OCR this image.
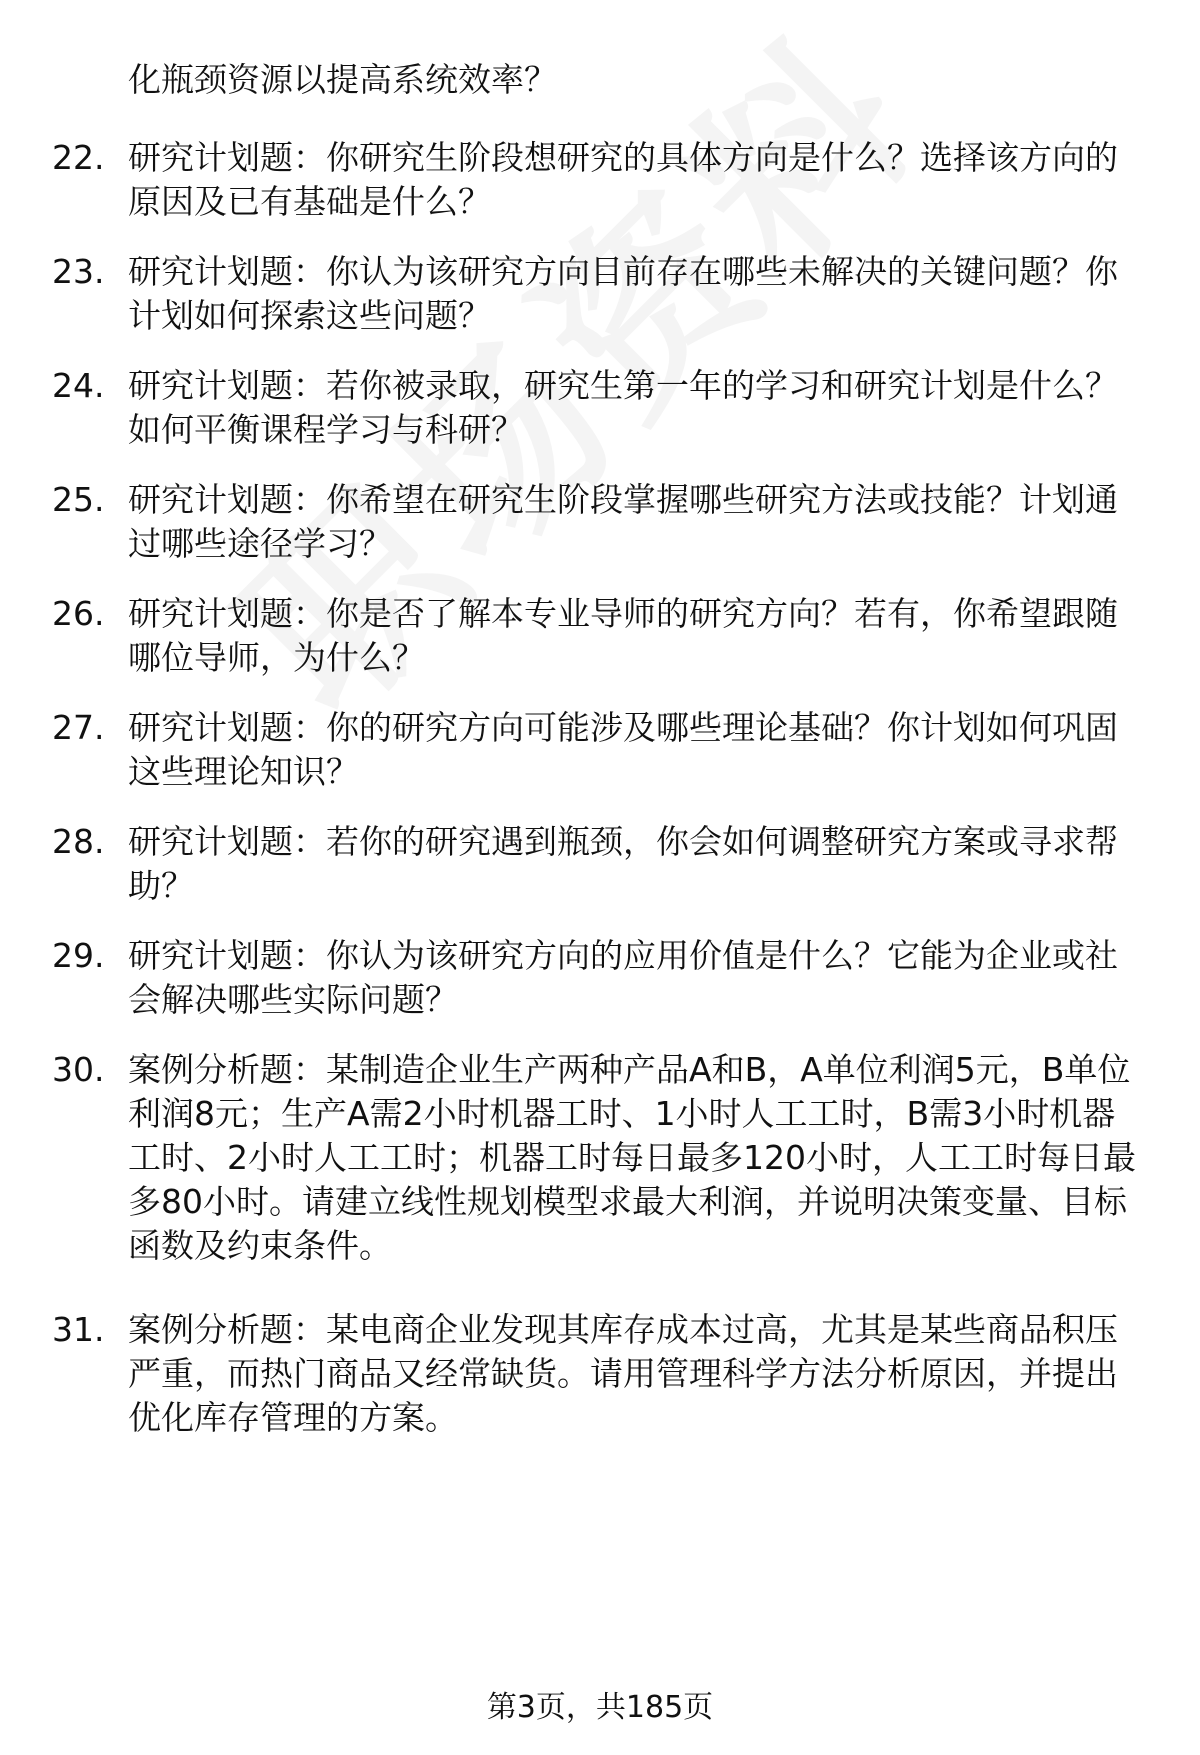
化瓶颈资源以提高系统效率？
22. 研究计划题：你研究生阶段想研究的具体方向是什么？选择该方向的原因及已有基础是什么？
23. 研究计划题：你认为该研究方向目前存在哪些未解决的关键问题？你计划如何探索这些问题？
24. 研究计划题：若你被录取，研究生第一年的学习和研究计划是什么？如何平衡课程学习与科研？
25. 研究计划题：你希望在研究生阶段掌握哪些研究方法或技能？计划通过哪些途径学习？
26. 研究计划题：你是否了解本专业导师的研究方向？若有，你希望跟随哪位导师，为什么？
27. 研究计划题：你的研究方向可能涉及哪些理论基础？你计划如何巩固这些理论知识？
28. 研究计划题：若你的研究遇到瓶颈，你会如何调整研究方案或寻求帮助？
29. 研究计划题：你认为该研究方向的应用价值是什么？它能为企业或社会解决哪些实际问题？
30. 案例分析题：某制造企业生产两种产品A和B，A单位利润5元，B单位利润8元；生产A需2小时机器工时、1小时人工工时，B需3小时机器工时、2小时人工工时；机器工时每日最多120小时，人工工时每日最多80小时。请建立线性规划模型求最大利润，并说明决策变量、目标函数及约束条件。
31. 案例分析题：某电商企业发现其库存成本过高，尤其是某些商品积压严重，而热门商品又经常缺货。请用管理科学方法分析原因，并提出优化库存管理的方案。
第3页，共185页
